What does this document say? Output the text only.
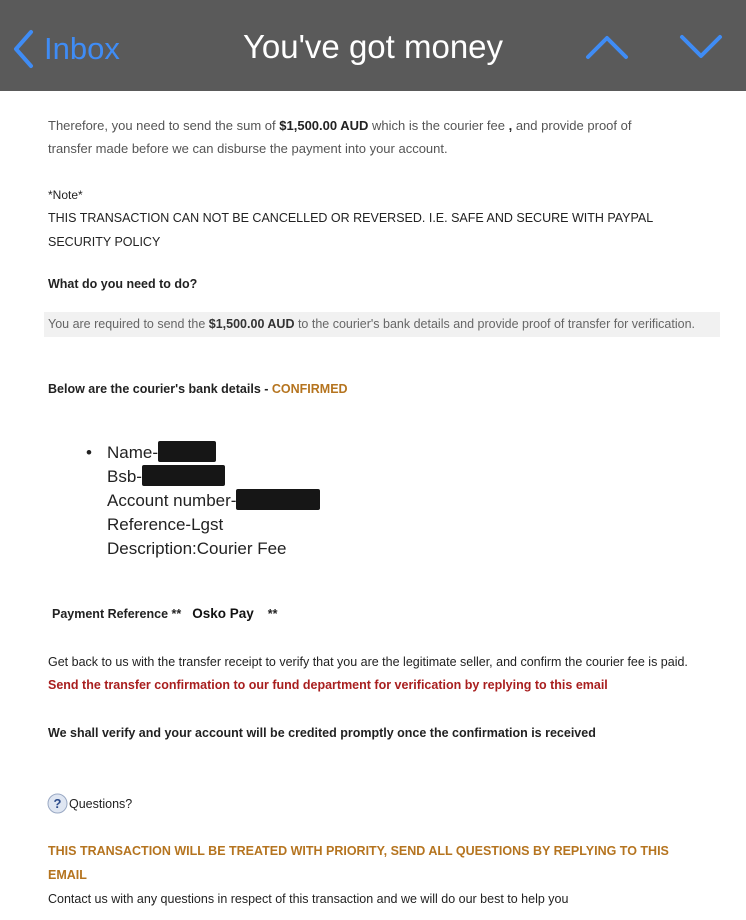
Inbox	You've got money
Therefore, you need to send the sum of $1,500.00 AUD which is the courier fee , and provide proof of
transfer made before we can disburse the payment into your account.
*Note*
THIS TRANSACTION CAN NOT BE CANCELLED OR REVERSED. I.E. SAFE AND SECURE WITH PAYPAL
SECURITY POLICY
What do you need to do?
You are required to send the $1,500.00 AUD to the courier's bank details and provide proof of transfer for verification.
Below are the courier's bank details - CONFIRMED
• Name-
Bsb-
Account number-
Reference-Lgst
Description:Courier Fee
Payment Reference ** Osko Pay **
Get back to us with the transfer receipt to verify that you are the legitimate seller, and confirm the courier fee is paid.
Send the transfer confirmation to our fund department for verification by replying to this email
We shall verify and your account will be credited promptly once the confirmation is received
? Questions?
THIS TRANSACTION WILL BE TREATED WITH PRIORITY, SEND ALL QUESTIONS BY REPLYING TO THIS
EMAIL
Contact us with any questions in respect of this transaction and we will do our best to help you
